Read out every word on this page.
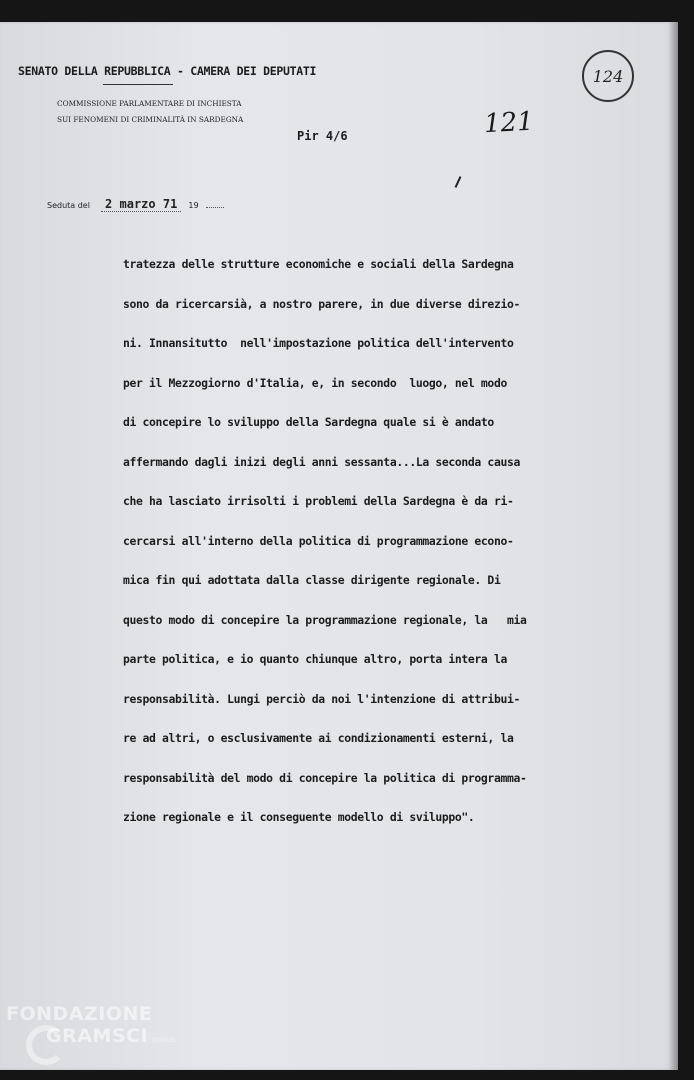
SENATO DELLA REPUBBLICA - CAMERA DEI DEPUTATI
COMMISSIONE PARLAMENTARE DI INCHIESTA
SUI FENOMENI DI CRIMINALITÀ IN SARDEGNA
Pir 4/6	121
124
Seduta del 2 marzo 71 19
tratezza delle strutture economiche e sociali della Sardegna
sono da ricercarsià, a nostro parere, in due diverse direzio-
ni. Innansitutto  nell'impostazione politica dell'intervento
per il Mezzogiorno d'Italia, e, in secondo  luogo, nel modo
di concepire lo sviluppo della Sardegna quale si è andato
affermando dagli inizi degli anni sessanta...La seconda causa
che ha lasciato irrisolti i problemi della Sardegna è da ri-
cercarsi all'interno della politica di programmazione econo-
mica fin qui adottata dalla classe dirigente regionale. Di
questo modo di concepire la programmazione regionale, la   mia
parte politica, e io quanto chiunque altro, porta intera la
responsabilità. Lungi perciò da noi l'intenzione di attribui-
re ad altri, o esclusivamente ai condizionamenti esterni, la
responsabilità del modo di concepire la politica di programma-
zione regionale e il conseguente modello di sviluppo".
FONDAZIONE
GRAMSCI onlus
